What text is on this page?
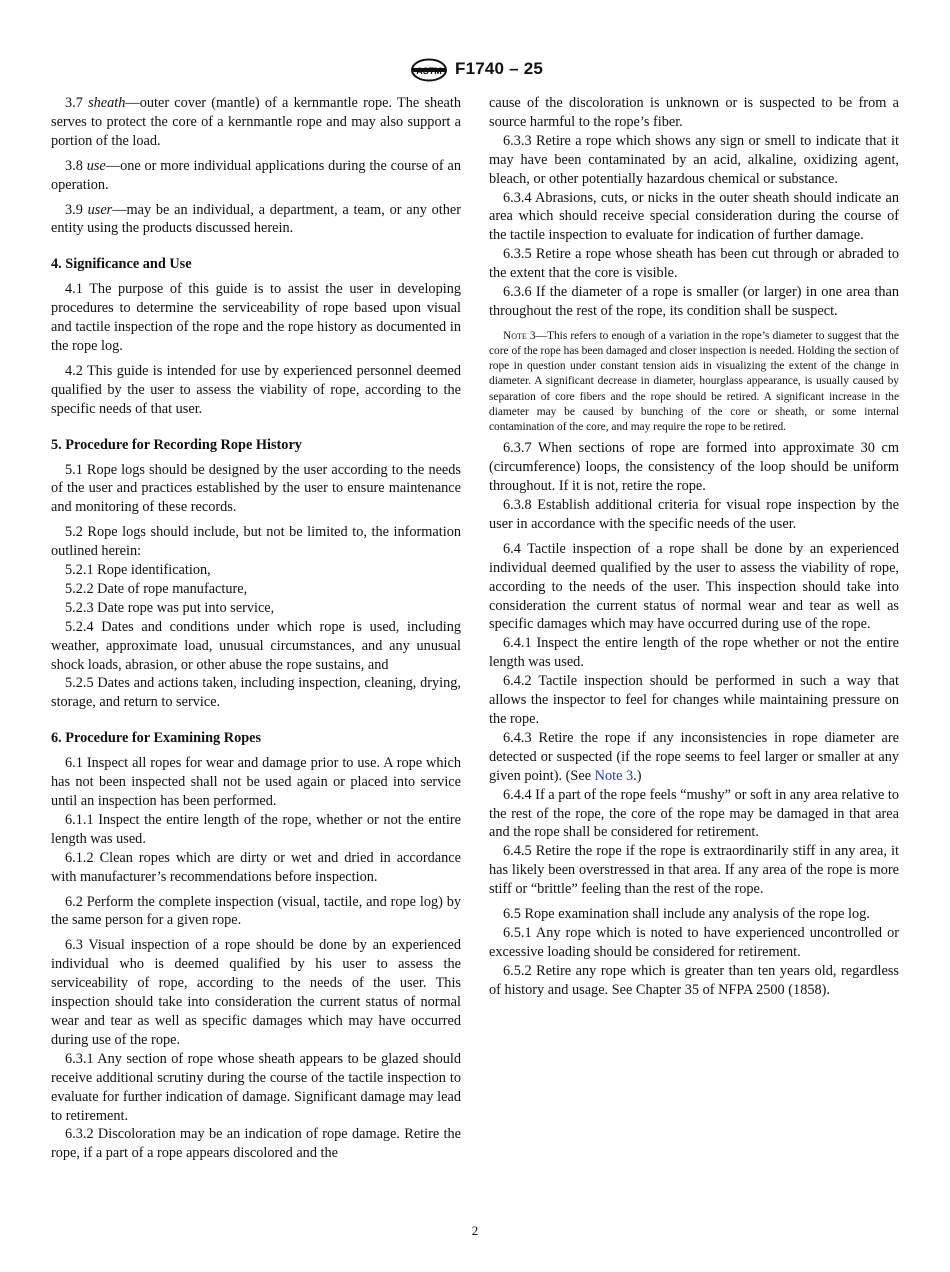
ASTM F1740 – 25

3.7 sheath—outer cover (mantle) of a kernmantle rope. The sheath serves to protect the core of a kernmantle rope and may also support a portion of the load.

3.8 use—one or more individual applications during the course of an operation.

3.9 user—may be an individual, a department, a team, or any other entity using the products discussed herein.

4. Significance and Use

4.1 The purpose of this guide is to assist the user in developing procedures to determine the serviceability of rope based upon visual and tactile inspection of the rope and the rope history as documented in the rope log.

4.2 This guide is intended for use by experienced personnel deemed qualified by the user to assess the viability of rope, according to the specific needs of that user.

5. Procedure for Recording Rope History

5.1 Rope logs should be designed by the user according to the needs of the user and practices established by the user to ensure maintenance and monitoring of these records.

5.2 Rope logs should include, but not be limited to, the information outlined herein:

5.2.1 Rope identification,

5.2.2 Date of rope manufacture,

5.2.3 Date rope was put into service,

5.2.4 Dates and conditions under which rope is used, including weather, approximate load, unusual circumstances, and any unusual shock loads, abrasion, or other abuse the rope sustains, and

5.2.5 Dates and actions taken, including inspection, cleaning, drying, storage, and return to service.

6. Procedure for Examining Ropes

6.1 Inspect all ropes for wear and damage prior to use. A rope which has not been inspected shall not be used again or placed into service until an inspection has been performed.

6.1.1 Inspect the entire length of the rope, whether or not the entire length was used.

6.1.2 Clean ropes which are dirty or wet and dried in accordance with manufacturer’s recommendations before inspection.

6.2 Perform the complete inspection (visual, tactile, and rope log) by the same person for a given rope.

6.3 Visual inspection of a rope should be done by an experienced individual who is deemed qualified by his user to assess the serviceability of rope, according to the needs of the user. This inspection should take into consideration the current status of normal wear and tear as well as specific damages which may have occurred during use of the rope.

6.3.1 Any section of rope whose sheath appears to be glazed should receive additional scrutiny during the course of the tactile inspection to evaluate for further indication of damage. Significant damage may lead to retirement.

6.3.2 Discoloration may be an indication of rope damage. Retire the rope, if a part of a rope appears discolored and the

cause of the discoloration is unknown or is suspected to be from a source harmful to the rope’s fiber.

6.3.3 Retire a rope which shows any sign or smell to indicate that it may have been contaminated by an acid, alkaline, oxidizing agent, bleach, or other potentially hazardous chemical or substance.

6.3.4 Abrasions, cuts, or nicks in the outer sheath should indicate an area which should receive special consideration during the course of the tactile inspection to evaluate for indication of further damage.

6.3.5 Retire a rope whose sheath has been cut through or abraded to the extent that the core is visible.

6.3.6 If the diameter of a rope is smaller (or larger) in one area than throughout the rest of the rope, its condition shall be suspect.

Note 3—This refers to enough of a variation in the rope’s diameter to suggest that the core of the rope has been damaged and closer inspection is needed. Holding the section of rope in question under constant tension aids in visualizing the extent of the change in diameter. A significant decrease in diameter, hourglass appearance, is usually caused by separation of core fibers and the rope should be retired. A significant increase in the diameter may be caused by bunching of the core or sheath, or some internal contamination of the core, and may require the rope to be retired.

6.3.7 When sections of rope are formed into approximate 30 cm (circumference) loops, the consistency of the loop should be uniform throughout. If it is not, retire the rope.

6.3.8 Establish additional criteria for visual rope inspection by the user in accordance with the specific needs of the user.

6.4 Tactile inspection of a rope shall be done by an experienced individual deemed qualified by the user to assess the viability of rope, according to the needs of the user. This inspection should take into consideration the current status of normal wear and tear as well as specific damages which may have occurred during use of the rope.

6.4.1 Inspect the entire length of the rope whether or not the entire length was used.

6.4.2 Tactile inspection should be performed in such a way that allows the inspector to feel for changes while maintaining pressure on the rope.

6.4.3 Retire the rope if any inconsistencies in rope diameter are detected or suspected (if the rope seems to feel larger or smaller at any given point). (See Note 3.)

6.4.4 If a part of the rope feels “mushy” or soft in any area relative to the rest of the rope, the core of the rope may be damaged in that area and the rope shall be considered for retirement.

6.4.5 Retire the rope if the rope is extraordinarily stiff in any area, it has likely been overstressed in that area. If any area of the rope is more stiff or “brittle” feeling than the rest of the rope.

6.5 Rope examination shall include any analysis of the rope log.

6.5.1 Any rope which is noted to have experienced uncontrolled or excessive loading should be considered for retirement.

6.5.2 Retire any rope which is greater than ten years old, regardless of history and usage. See Chapter 35 of NFPA 2500 (1858).

2
